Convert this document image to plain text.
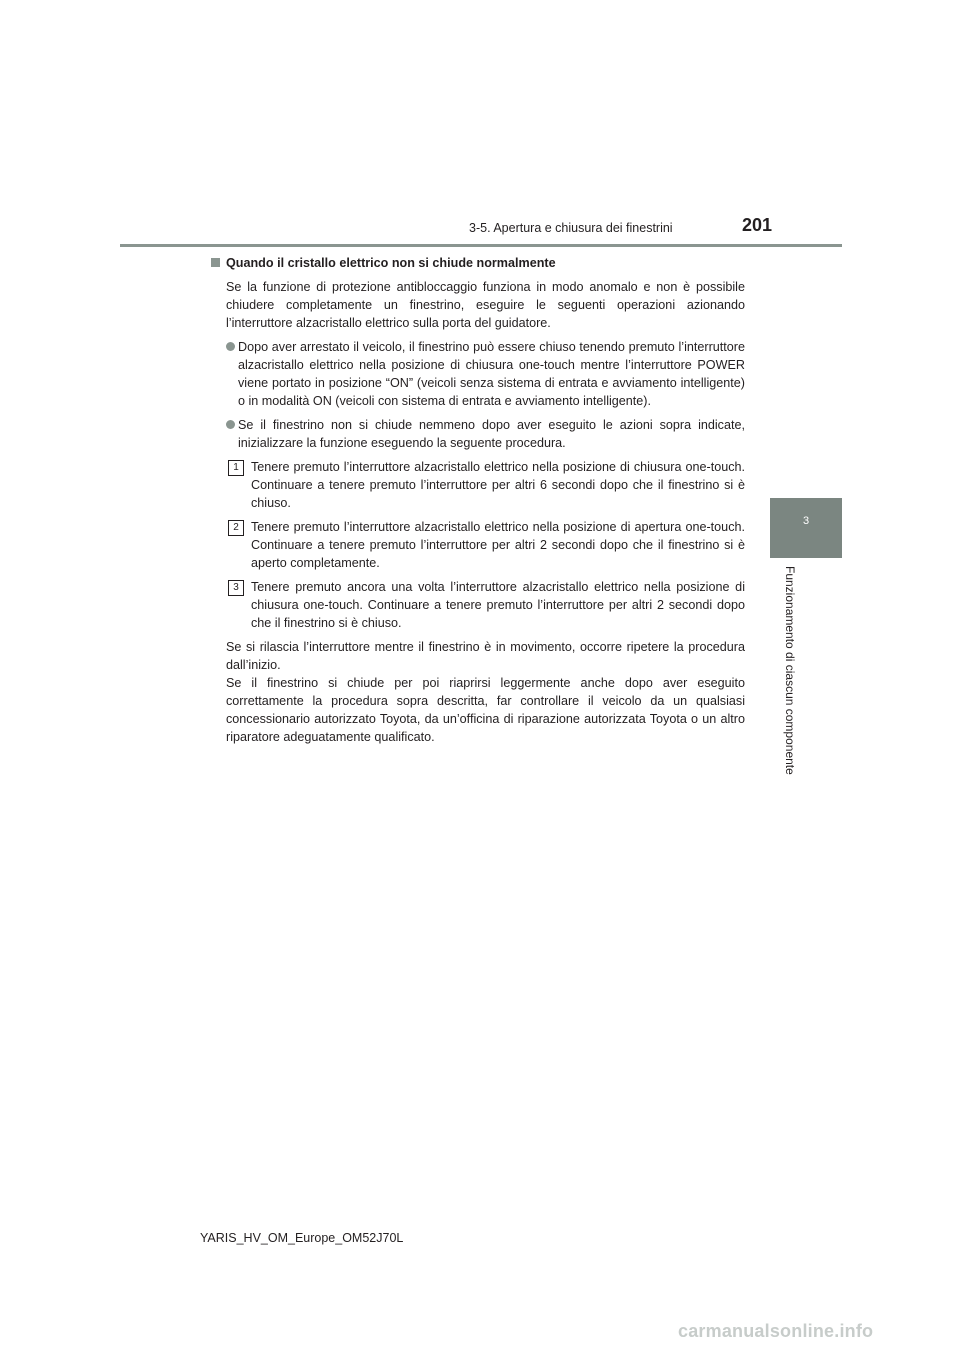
3-5. Apertura e chiusura dei finestrini	201
3
Funzionamento di ciascun componente
Quando il cristallo elettrico non si chiude normalmente

Se la funzione di protezione antibloccaggio funziona in modo anomalo e non è possibile chiudere completamente un finestrino, eseguire le seguenti operazioni azionando l’interruttore alzacristallo elettrico sulla porta del guidatore.

Dopo aver arrestato il veicolo, il finestrino può essere chiuso tenendo premuto l’interruttore alzacristallo elettrico nella posizione di chiusura one-touch mentre l’interruttore POWER viene portato in posizione “ON” (veicoli senza sistema di entrata e avviamento intelligente) o in modalità ON (veicoli con sistema di entrata e avviamento intelligente).
Se il finestrino non si chiude nemmeno dopo aver eseguito le azioni sopra indicate, inizializzare la funzione eseguendo la seguente procedura.
1 Tenere premuto l’interruttore alzacristallo elettrico nella posizione di chiusura one-touch. Continuare a tenere premuto l’interruttore per altri 6 secondi dopo che il finestrino si è chiuso.
2 Tenere premuto l’interruttore alzacristallo elettrico nella posizione di apertura one-touch. Continuare a tenere premuto l’interruttore per altri 2 secondi dopo che il finestrino si è aperto completamente.
3 Tenere premuto ancora una volta l’interruttore alzacristallo elettrico nella posizione di chiusura one-touch. Continuare a tenere premuto l’interruttore per altri 2 secondi dopo che il finestrino si è chiuso.

Se si rilascia l’interruttore mentre il finestrino è in movimento, occorre ripetere la procedura dall’inizio.
Se il finestrino si chiude per poi riaprirsi leggermente anche dopo aver eseguito correttamente la procedura sopra descritta, far controllare il veicolo da un qualsiasi concessionario autorizzato Toyota, da un’officina di riparazione autorizzata Toyota o un altro riparatore adeguatamente qualificato.

YARIS_HV_OM_Europe_OM52J70L
carmanualsonline.info
